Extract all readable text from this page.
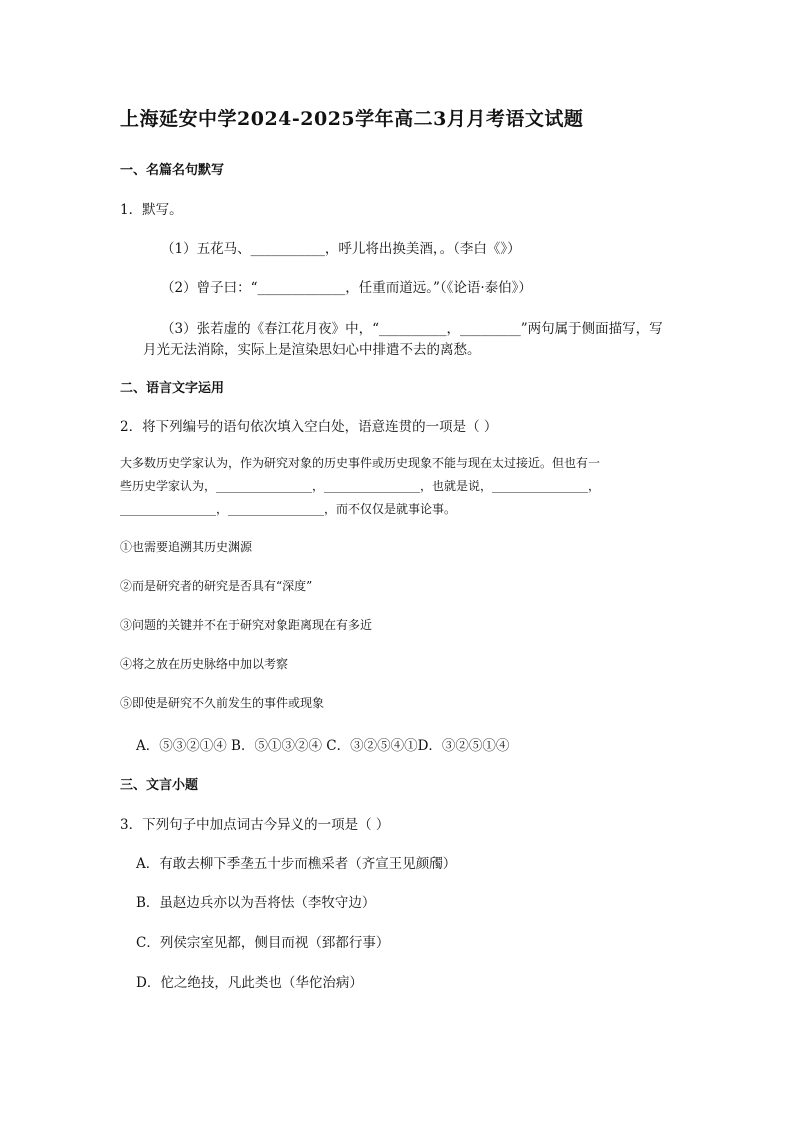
上海延安中学2024-2025学年高二3月月考语文试题
一、名篇名句默写
1．默写。
（1）五花马、___________，呼儿将出换美酒，。（李白《》）
（2）曾子曰：“_____________，任重而道远。”（《论语·泰伯》）
（3）张若虚的《春江花月夜》中，“__________，_________”两句属于侧面描写，写
月光无法消除，实际上是渲染思妇心中排遣不去的离愁。
二、语言文字运用
2．将下列编号的语句依次填入空白处，语意连贯的一项是（ ）
大多数历史学家认为，作为研究对象的历史事件或历史现象不能与现在太过接近。但也有一
些历史学家认为，________________，________________，也就是说，________________，
________________，________________，而不仅仅是就事论事。
①也需要追溯其历史渊源
②而是研究者的研究是否具有“深度”
③问题的关键并不在于研究对象距离现在有多近
④将之放在历史脉络中加以考察
⑤即使是研究不久前发生的事件或现象
A．⑤③②①④ B．⑤①③②④ C．③②⑤④①D．③②⑤①④
三、文言小题
3．下列句子中加点词古今异义的一项是（ ）
A．有敢去柳下季垄五十步而樵采者（齐宣王见颜斶）
B．虽赵边兵亦以为吾将怯（李牧守边）
C．列侯宗室见都，侧目而视（郅都行事）
D．佗之绝技，凡此类也（华佗治病）
